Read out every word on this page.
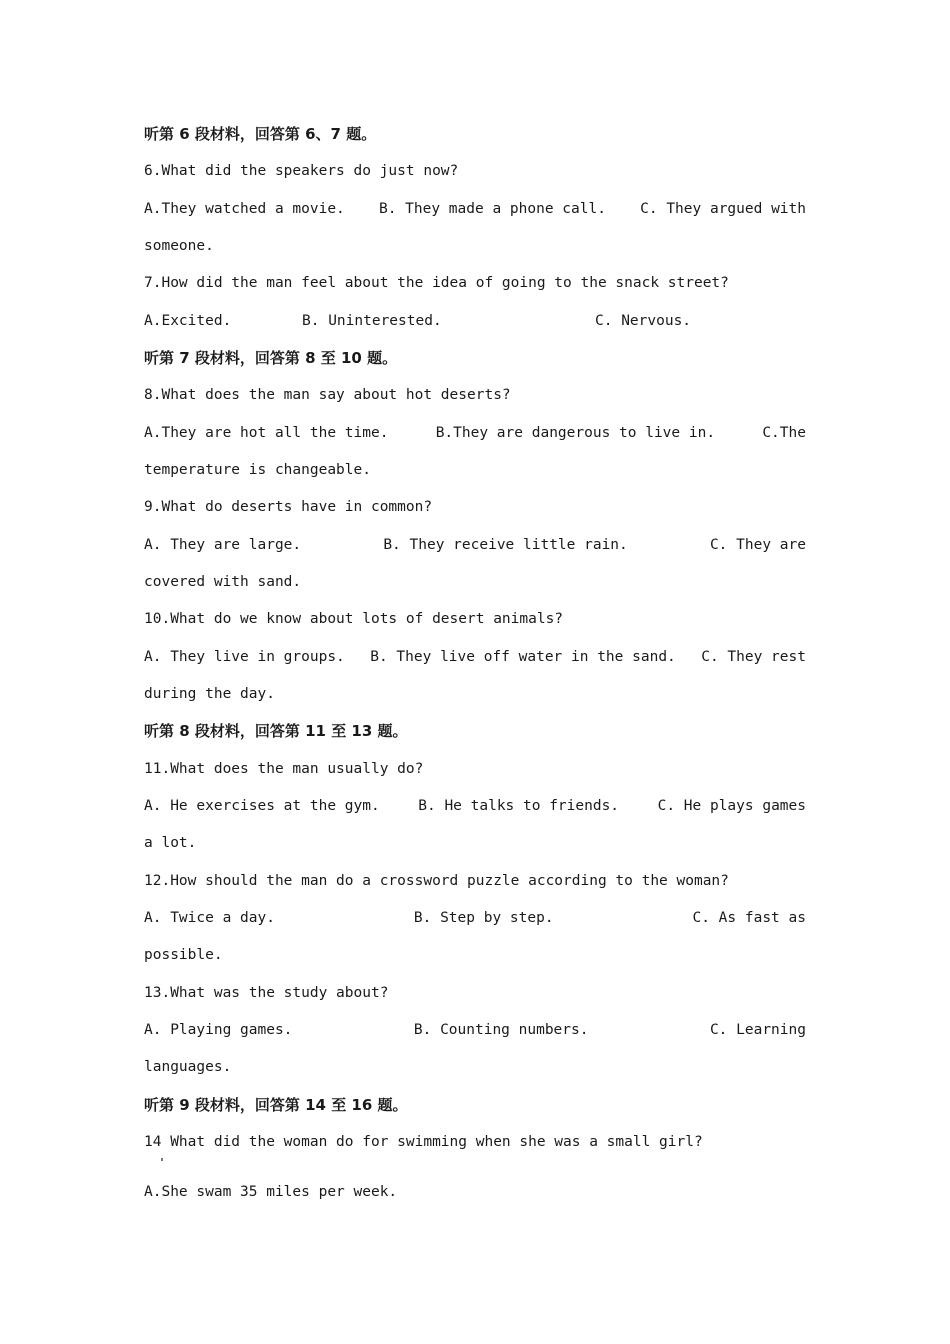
听第 6 段材料，回答第 6、7 题。
6.What did the speakers do just now?
A.They watched a movie. B. They made a phone call. C. They argued with
someone.
7.How did the man feel about the idea of going to the snack street?
A.Excited.	B. Uninterested.	C. Nervous.
听第 7 段材料，回答第 8 至 10 题。
8.What does the man say about hot deserts?
A.They are hot all the time.	B.They are dangerous to live in.	C.The
temperature is changeable.
9.What do deserts have in common?
A. They are large.	B. They receive little rain.	C. They are
covered with sand.
10.What do we know about lots of desert animals?
A. They live in groups. B. They live off water in the sand. C. They rest
during the day.
听第 8 段材料，回答第 11 至 13 题。
11.What does the man usually do?
A. He exercises at the gym.	B. He talks to friends.	C. He plays games
a lot.
12.How should the man do a crossword puzzle according to the woman?
A. Twice a day.	B. Step by step.	C. As fast as
possible.
13.What was the study about?
A. Playing games.	B. Counting numbers.	C. Learning
languages.
听第 9 段材料，回答第 14 至 16 题。
14 What did the woman do for swimming when she was a small girl?
A.She swam 35 miles per week.
